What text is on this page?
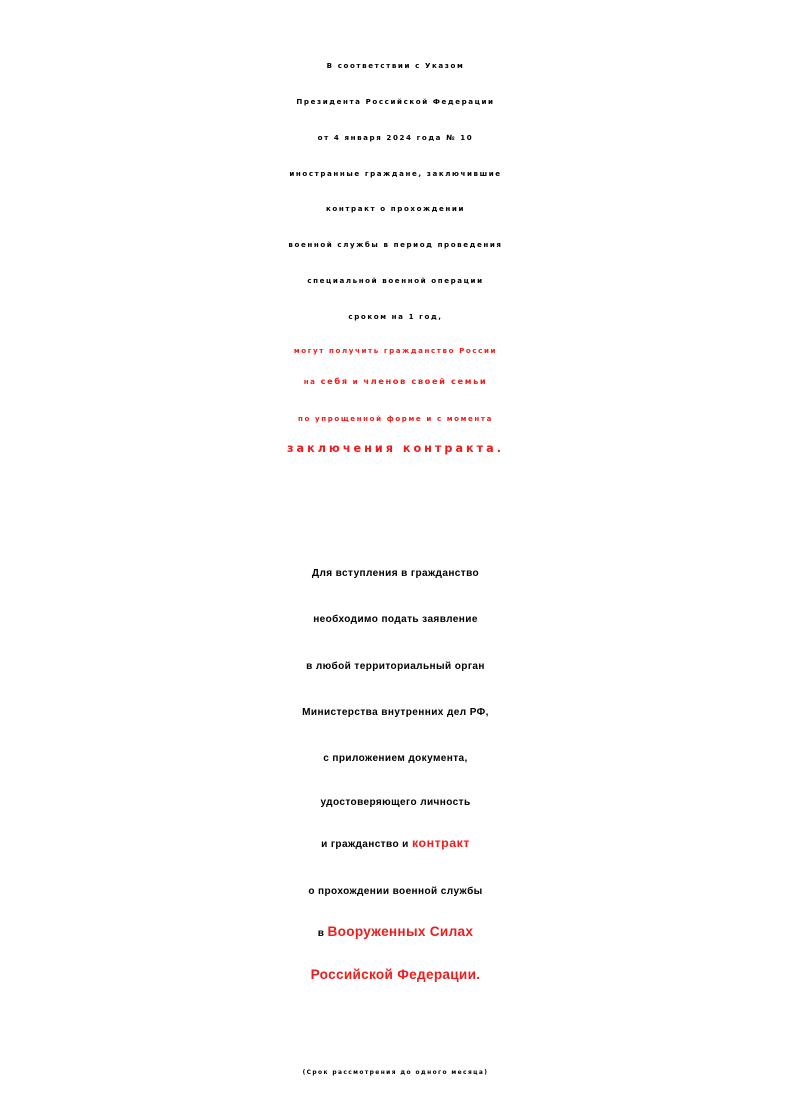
В соответствии с Указом

Президента Российской Федерации

от 4 января 2024 года № 10

иностранные граждане, заключившие

контракт о прохождении

военной службы в период проведения

специальной военной операции

сроком на 1 год,

могут получить гражданство России

на себя и членов своей семьи

по упрощенной форме и с момента

заключения контракта.

Для вступления в гражданство

необходимо подать заявление

в любой территориальный орган

Министерства внутренних дел РФ,

с приложением документа,

удостоверяющего личность

и гражданство и контракт

о прохождении военной службы

в Вооруженных Силах

Российской Федерации.

(Срок рассмотрения до одного месяца)
